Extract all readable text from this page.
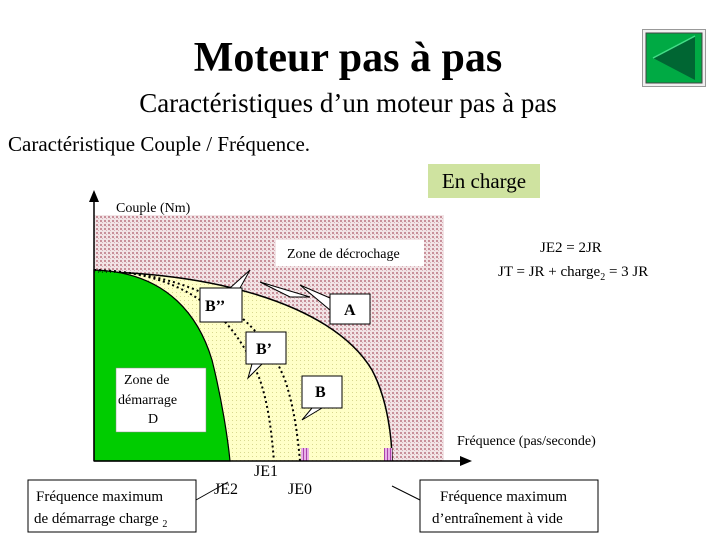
Moteur pas à pas
Caractéristiques d’un moteur pas à pas
Caractéristique Couple / Fréquence.
En charge
Couple (Nm)
Fréquence (pas/seconde)
Zone de décrochage
Zone de
démarrage
D
A
B’’
B’
B
JE2
JE1
JE0
JE2 = 2JR
JT = JR + charge$_2$ = 3 JR
Fréquence maximum
de démarrage charge $_2$
Fréquence maximum
d’entraînement à vide
